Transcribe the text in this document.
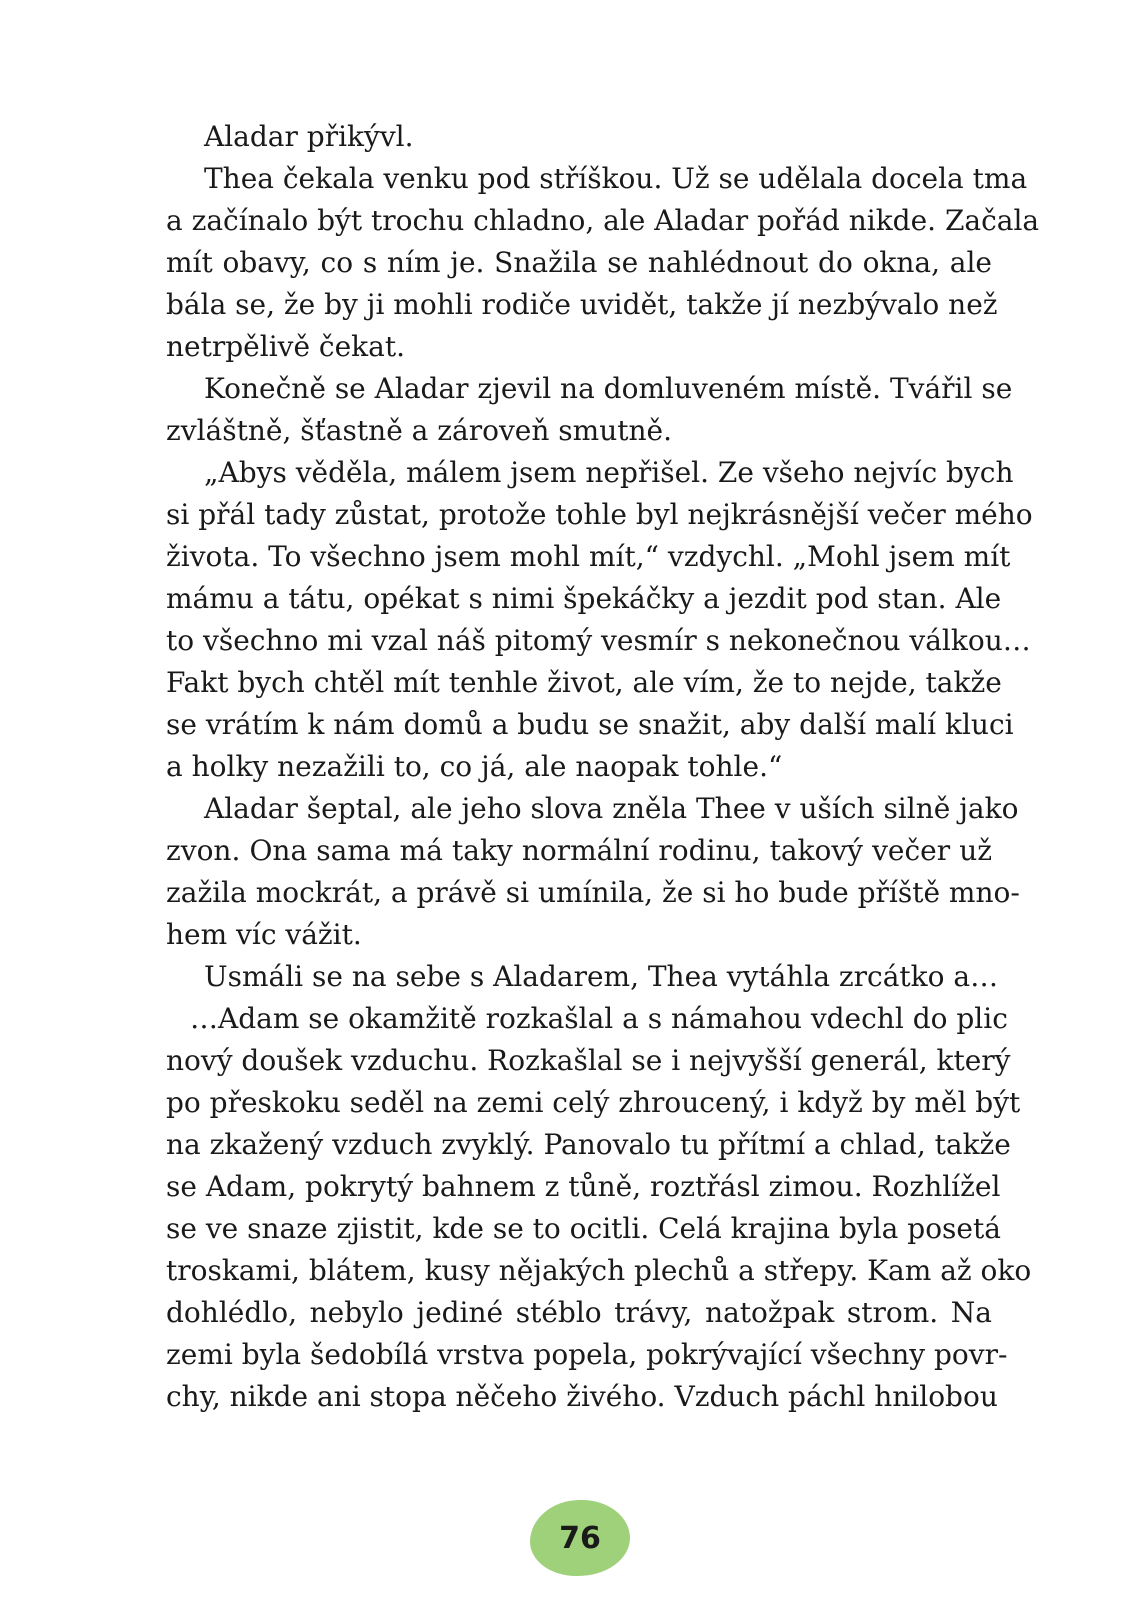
Aladar přikývl.
Thea čekala venku pod stříškou. Už se udělala docela tma
a začínalo být trochu chladno, ale Aladar pořád nikde. Začala
mít obavy, co s ním je. Snažila se nahlédnout do okna, ale
bála se, že by ji mohli rodiče uvidět, takže jí nezbývalo než
netrpělivě čekat.
Konečně se Aladar zjevil na domluveném místě. Tvářil se
zvláštně, šťastně a zároveň smutně.
„Abys věděla, málem jsem nepřišel. Ze všeho nejvíc bych
si přál tady zůstat, protože tohle byl nejkrásnější večer mého
života. To všechno jsem mohl mít,“ vzdychl. „Mohl jsem mít
mámu a tátu, opékat s nimi špekáčky a jezdit pod stan. Ale
to všechno mi vzal náš pitomý vesmír s nekonečnou válkou…
Fakt bych chtěl mít tenhle život, ale vím, že to nejde, takže
se vrátím k nám domů a budu se snažit, aby další malí kluci
a holky nezažili to, co já, ale naopak tohle.“
Aladar šeptal, ale jeho slova zněla Thee v uších silně jako
zvon. Ona sama má taky normální rodinu, takový večer už
zažila mockrát, a právě si umínila, že si ho bude příště mno-
hem víc vážit.
Usmáli se na sebe s Aladarem, Thea vytáhla zrcátko a…
…Adam se okamžitě rozkašlal a s námahou vdechl do plic
nový doušek vzduchu. Rozkašlal se i nejvyšší generál, který
po přeskoku seděl na zemi celý zhroucený, i když by měl být
na zkažený vzduch zvyklý. Panovalo tu přítmí a chlad, takže
se Adam, pokrytý bahnem z tůně, roztřásl zimou. Rozhlížel
se ve snaze zjistit, kde se to ocitli. Celá krajina byla posetá
troskami, blátem, kusy nějakých plechů a střepy. Kam až oko
dohlédlo, nebylo jediné stéblo trávy, natožpak strom. Na
zemi byla šedobílá vrstva popela, pokrývající všechny povr-
chy, nikde ani stopa něčeho živého. Vzduch páchl hnilobou
76
